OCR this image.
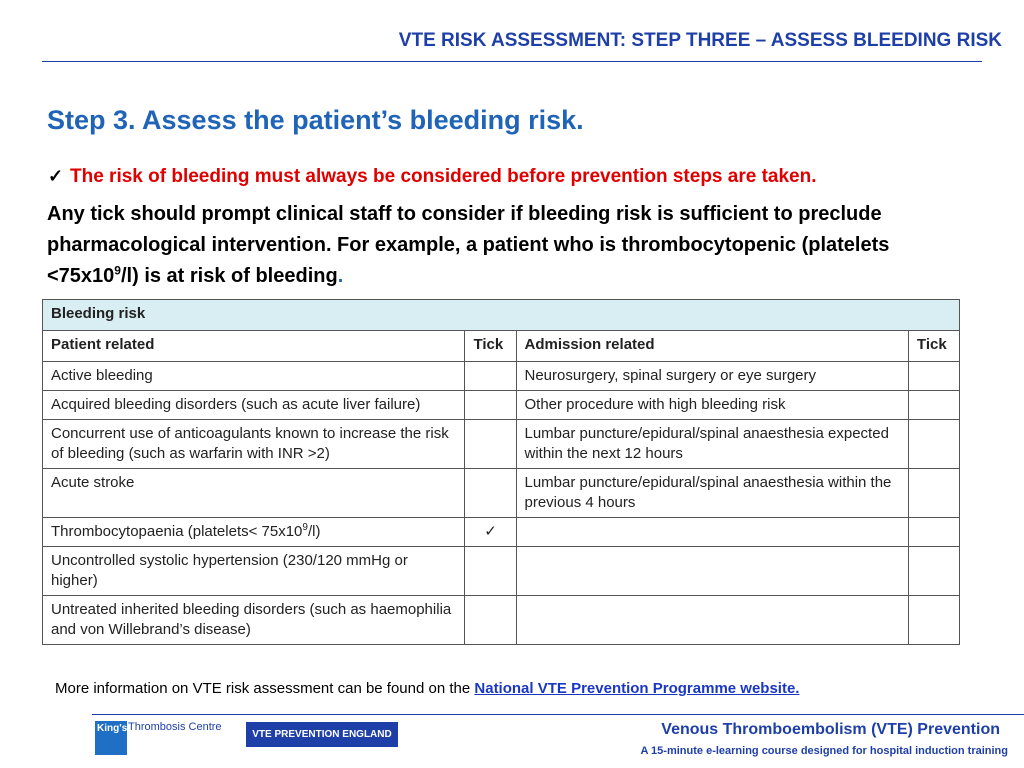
VTE RISK ASSESSMENT: STEP THREE – ASSESS BLEEDING RISK
Step 3. Assess the patient’s bleeding risk.
✓ The risk of bleeding must always be considered before prevention steps are taken.
Any tick should prompt clinical staff to consider if bleeding risk is sufficient to preclude pharmacological intervention. For example, a patient who is thrombocytopenic (platelets $<75x10^9/l$) is at risk of bleeding.
Bleeding risk			
Patient related	Tick	Admission related	Tick
Active bleeding		Neurosurgery, spinal surgery or eye surgery	
Acquired bleeding disorders (such as acute liver failure)		Other procedure with high bleeding risk	
Concurrent use of anticoagulants known to increase the risk of bleeding (such as warfarin with INR >2)		Lumbar puncture/epidural/spinal anaesthesia expected within the next 12 hours	
Acute stroke		Lumbar puncture/epidural/spinal anaesthesia within the previous 4 hours	
Thrombocytopaenia (platelets< $75x10^9/l$)	✓		
Uncontrolled systolic hypertension (230/120 mmHg or higher)			
Untreated inherited bleeding disorders (such as haemophilia and von Willebrand’s disease)			
More information on VTE risk assessment can be found on the National VTE Prevention Programme website.
King's Thrombosis Centre
VTE PREVENTION ENGLAND	Venous Thromboembolism (VTE) Prevention
A 15-minute e-learning course designed for hospital induction training
